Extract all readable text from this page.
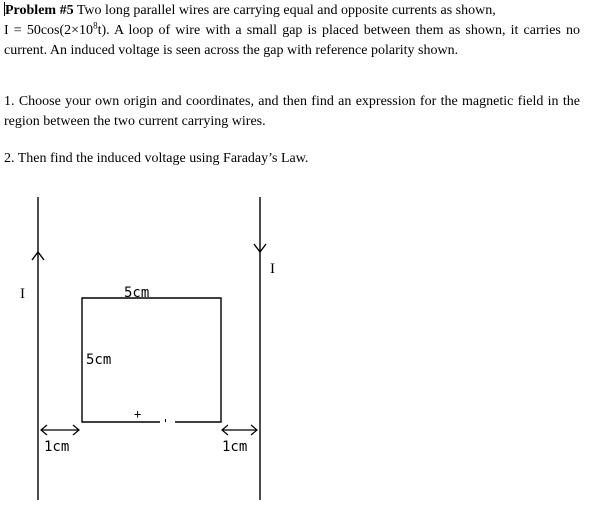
Problem #5 Two long parallel wires are carrying equal and opposite currents as shown,
$I = 50\cos(2\times 10^8t)$. A loop of wire with a small gap is placed between them as shown, it carries no current. An induced voltage is seen across the gap with reference polarity shown.

1. Choose your own origin and coordinates, and then find an expression for the magnetic field in the region between the two current carrying wires.

2. Then find the induced voltage using Faraday’s Law.

I
I
5cm
5cm
+ -
1cm	1cm
